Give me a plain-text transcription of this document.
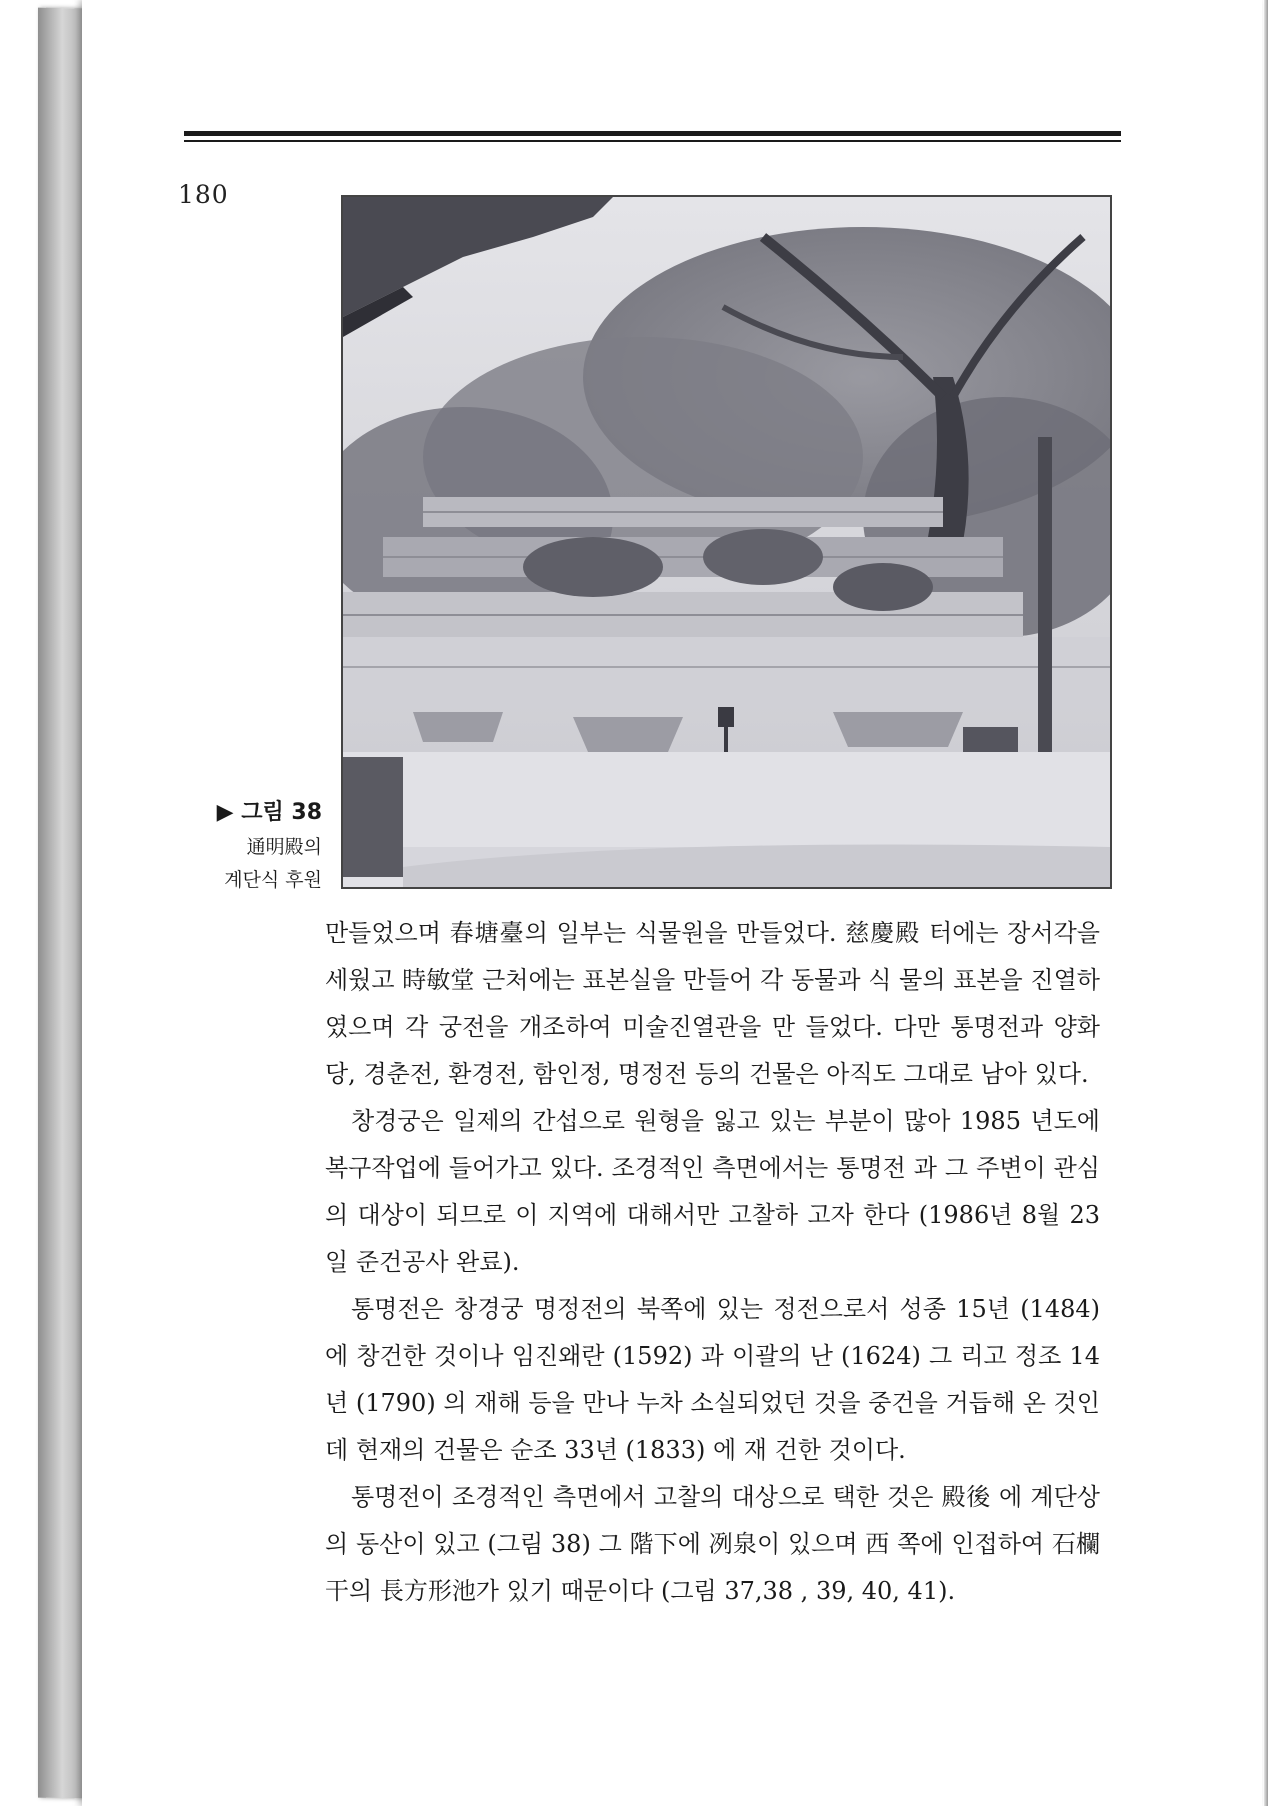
180
▶ 그림 38
通明殿의
계단식 후원

만들었으며 春塘臺의 일부는 식물원을 만들었다. 慈慶殿 터에는 장서각을 세웠고 時敏堂 근처에는 표본실을 만들어 각 동물과 식 물의 표본을 진열하였으며 각 궁전을 개조하여 미술진열관을 만 들었다. 다만 통명전과 양화당, 경춘전, 환경전, 함인정, 명정전 등의 건물은 아직도 그대로 남아 있다.

창경궁은 일제의 간섭으로 원형을 잃고 있는 부분이 많아 1985 년도에 복구작업에 들어가고 있다. 조경적인 측면에서는 통명전 과 그 주변이 관심의 대상이 되므로 이 지역에 대해서만 고찰하 고자 한다 (1986년 8월 23일 준건공사 완료).

통명전은 창경궁 명정전의 북쪽에 있는 정전으로서 성종 15년 (1484) 에 창건한 것이나 임진왜란 (1592) 과 이괄의 난 (1624) 그 리고 정조 14년 (1790) 의 재해 등을 만나 누차 소실되었던 것을 중건을 거듭해 온 것인데 현재의 건물은 순조 33년 (1833) 에 재 건한 것이다.

통명전이 조경적인 측면에서 고찰의 대상으로 택한 것은 殿後 에 계단상의 동산이 있고 (그림 38) 그 階下에 冽泉이 있으며 西 쪽에 인접하여 石欄干의 長方形池가 있기 때문이다 (그림 37,38 , 39, 40, 41).
